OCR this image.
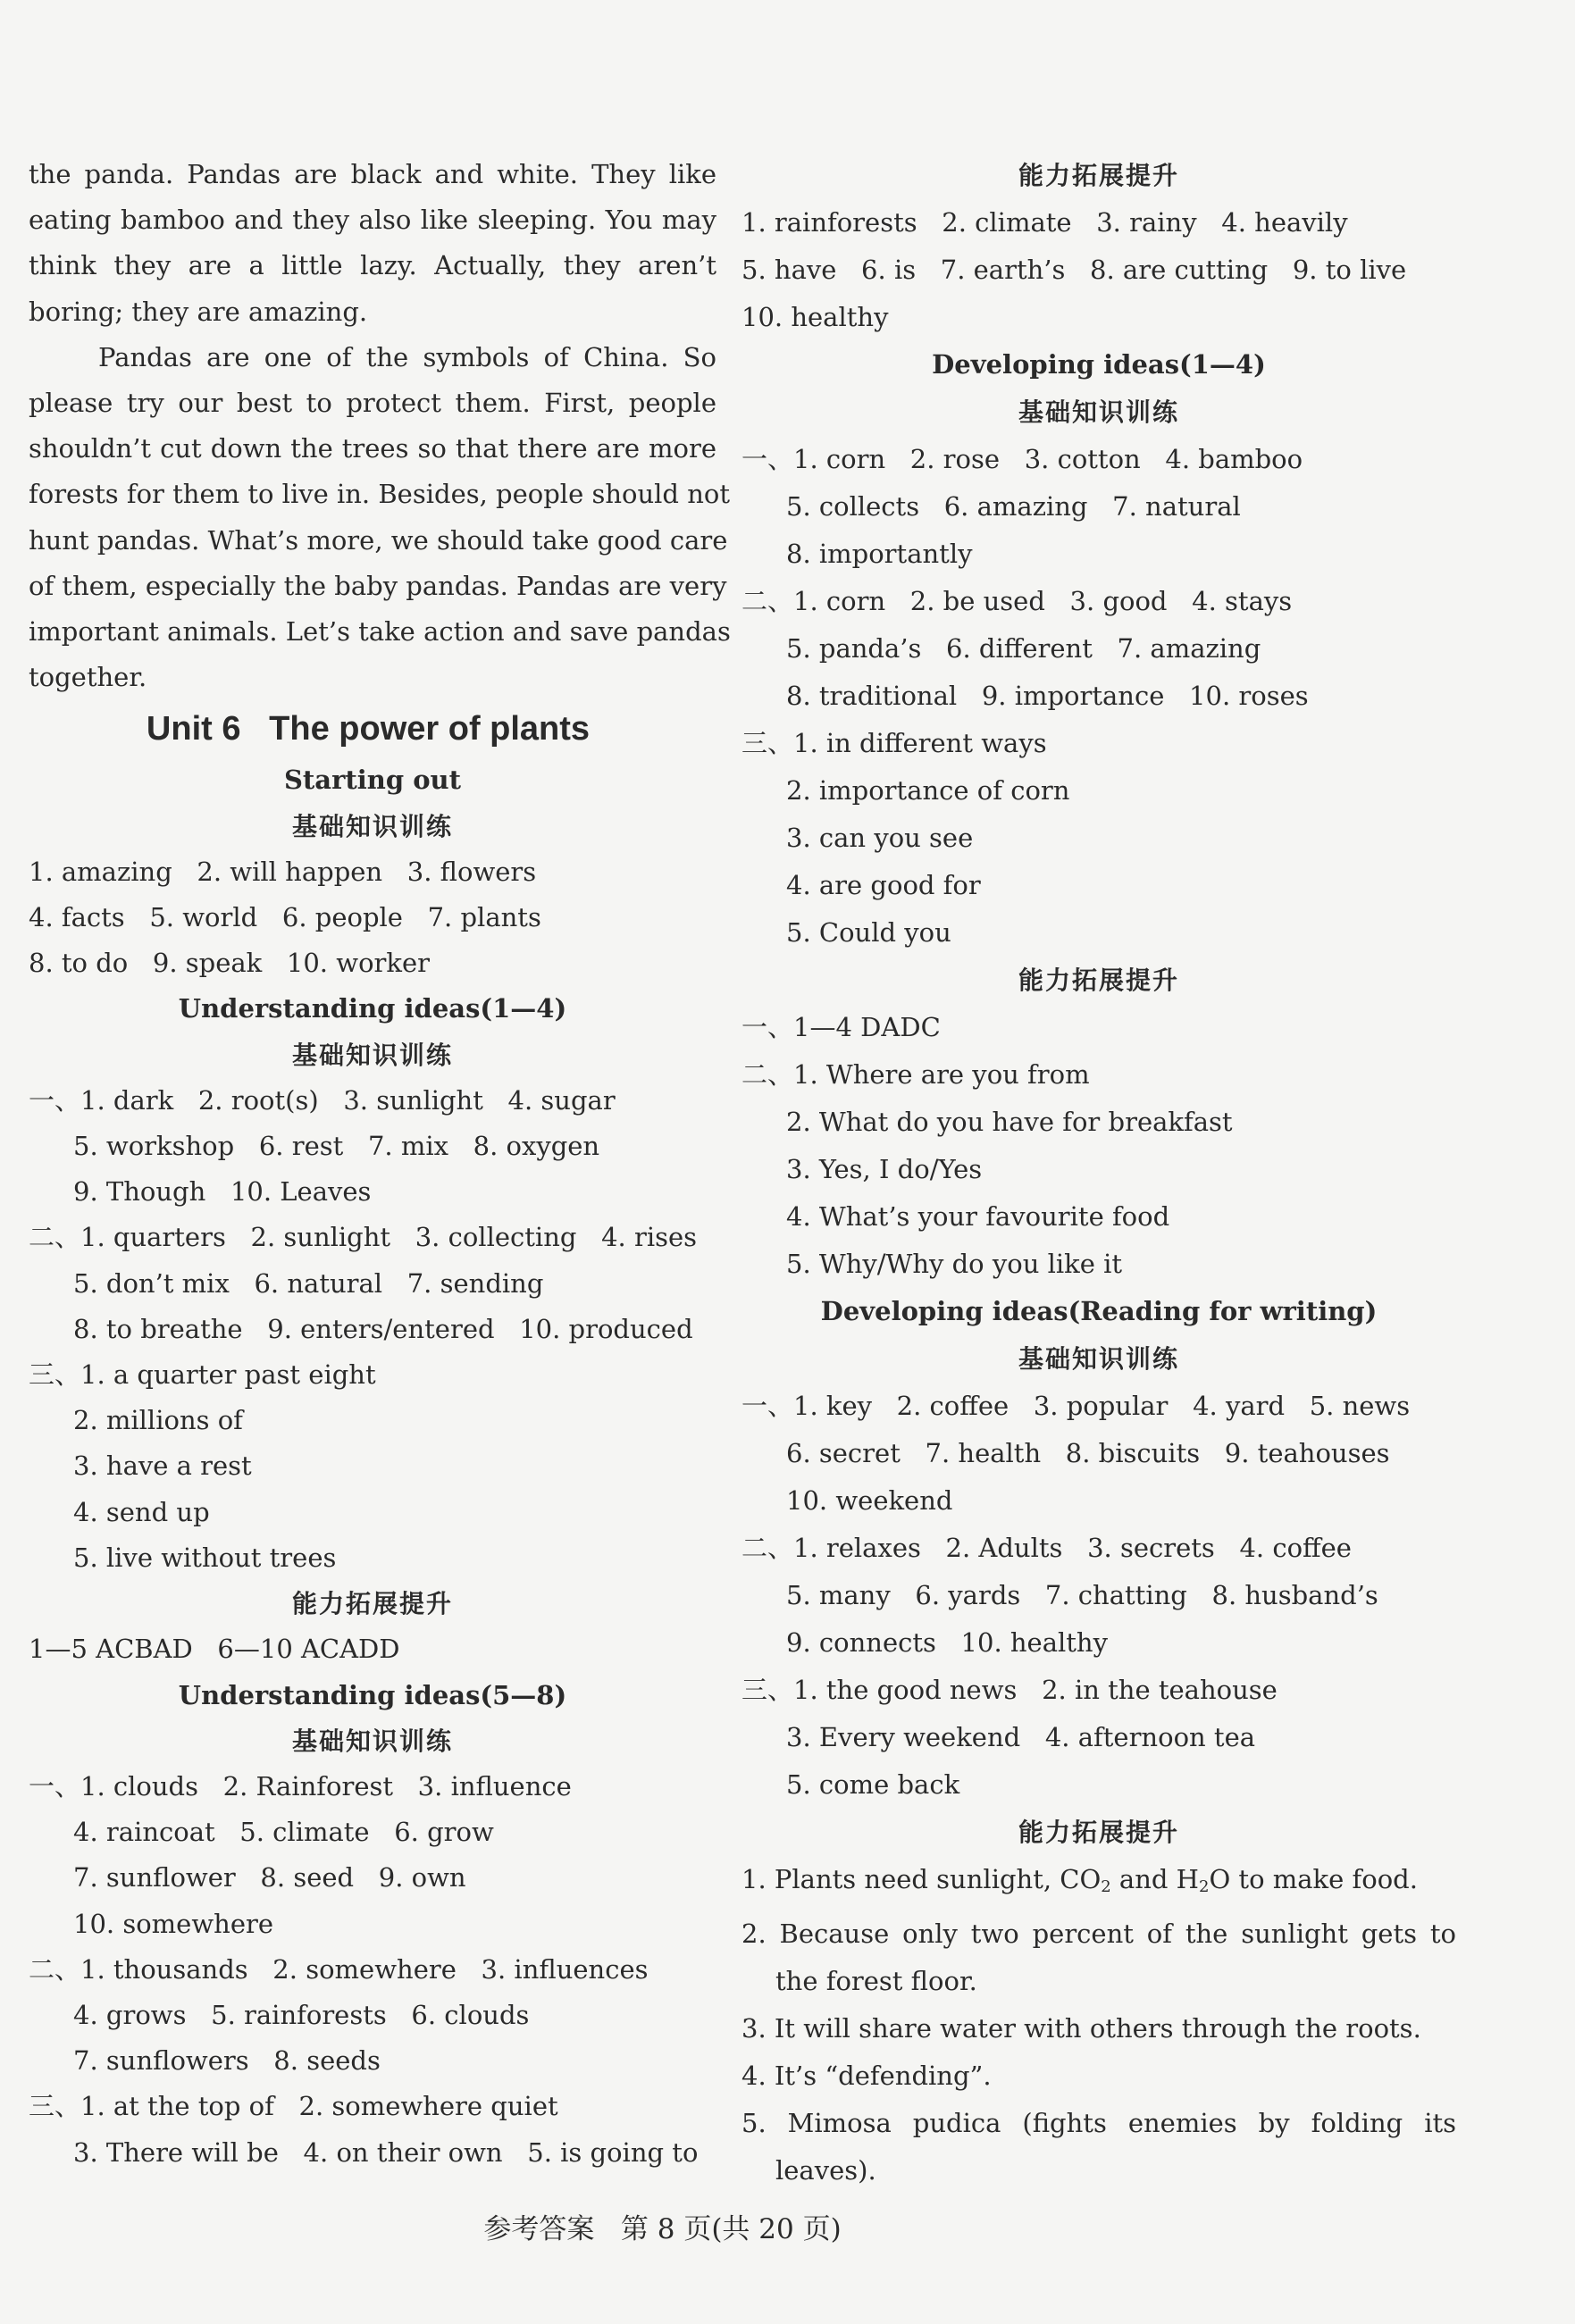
the panda. Pandas are black and white. They like
eating bamboo and they also like sleeping. You may
think they are a little lazy. Actually, they aren’t
boring; they are amazing.
Pandas are one of the symbols of China. So
please try our best to protect them. First, people
shouldn’t cut down the trees so that there are more
forests for them to live in. Besides, people should not
hunt pandas. What’s more, we should take good care
of them, especially the baby pandas. Pandas are very
important animals. Let’s take action and save pandas
together.
Unit 6   The power of plants
Starting out
基础知识训练
1. amazing   2. will happen   3. flowers
4. facts   5. world   6. people   7. plants
8. to do   9. speak   10. worker
Understanding ideas(1—4)
基础知识训练
一、1. dark   2. root(s)   3. sunlight   4. sugar
5. workshop   6. rest   7. mix   8. oxygen
9. Though   10. Leaves
二、1. quarters   2. sunlight   3. collecting   4. rises
5. don’t mix   6. natural   7. sending
8. to breathe   9. enters/entered   10. produced
三、1. a quarter past eight
2. millions of
3. have a rest
4. send up
5. live without trees
能力拓展提升
1—5 ACBAD   6—10 ACADD
Understanding ideas(5—8)
基础知识训练
一、1. clouds   2. Rainforest   3. influence
4. raincoat   5. climate   6. grow
7. sunflower   8. seed   9. own
10. somewhere
二、1. thousands   2. somewhere   3. influences
4. grows   5. rainforests   6. clouds
7. sunflowers   8. seeds
三、1. at the top of   2. somewhere quiet
3. There will be   4. on their own   5. is going to
能力拓展提升
1. rainforests   2. climate   3. rainy   4. heavily
5. have   6. is   7. earth’s   8. are cutting   9. to live
10. healthy
Developing ideas(1—4)
基础知识训练
一、1. corn   2. rose   3. cotton   4. bamboo
5. collects   6. amazing   7. natural
8. importantly
二、1. corn   2. be used   3. good   4. stays
5. panda’s   6. different   7. amazing
8. traditional   9. importance   10. roses
三、1. in different ways
2. importance of corn
3. can you see
4. are good for
5. Could you
能力拓展提升
一、1—4 DADC
二、1. Where are you from
2. What do you have for breakfast
3. Yes, I do/Yes
4. What’s your favourite food
5. Why/Why do you like it
Developing ideas(Reading for writing)
基础知识训练
一、1. key   2. coffee   3. popular   4. yard   5. news
6. secret   7. health   8. biscuits   9. teahouses
10. weekend
二、1. relaxes   2. Adults   3. secrets   4. coffee
5. many   6. yards   7. chatting   8. husband’s
9. connects   10. healthy
三、1. the good news   2. in the teahouse
3. Every weekend   4. afternoon tea
5. come back
能力拓展提升
1. Plants need sunlight, $CO_2$ and $H_2O$ to make food.
2. Because only two percent of the sunlight gets to
the forest floor.
3. It will share water with others through the roots.
4. It’s “defending”.
5. Mimosa pudica (fights enemies by folding its
leaves).
参考答案   第 8 页(共 20 页)
